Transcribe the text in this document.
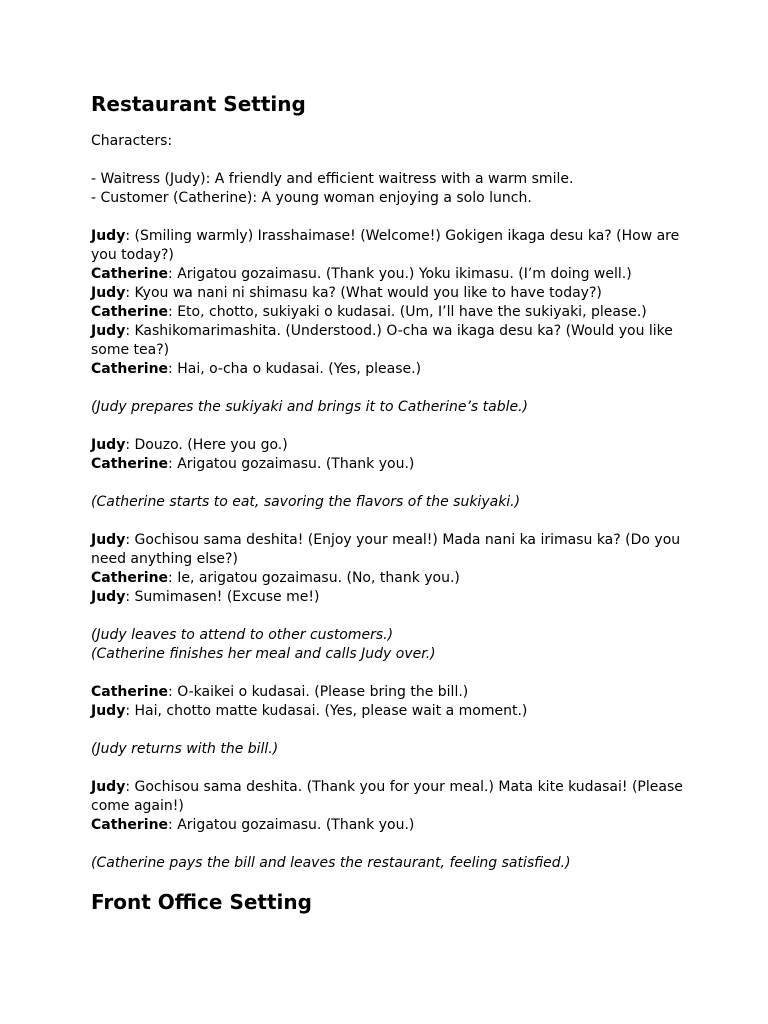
Restaurant Setting

Characters:

- Waitress (Judy): A friendly and efficient waitress with a warm smile.

- Customer (Catherine): A young woman enjoying a solo lunch.

Judy: (Smiling warmly) Irasshaimase! (Welcome!) Gokigen ikaga desu ka? (How are you today?)

Catherine: Arigatou gozaimasu. (Thank you.) Yoku ikimasu. (I’m doing well.)

Judy: Kyou wa nani ni shimasu ka? (What would you like to have today?)

Catherine: Eto, chotto, sukiyaki o kudasai. (Um, I’ll have the sukiyaki, please.)

Judy: Kashikomarimashita. (Understood.) O-cha wa ikaga desu ka? (Would you like some tea?)

Catherine: Hai, o-cha o kudasai. (Yes, please.)

(Judy prepares the sukiyaki and brings it to Catherine’s table.)

Judy: Douzo. (Here you go.)

Catherine: Arigatou gozaimasu. (Thank you.)

(Catherine starts to eat, savoring the flavors of the sukiyaki.)

Judy: Gochisou sama deshita! (Enjoy your meal!) Mada nani ka irimasu ka? (Do you need anything else?)

Catherine: Ie, arigatou gozaimasu. (No, thank you.)

Judy: Sumimasen! (Excuse me!)

(Judy leaves to attend to other customers.)

(Catherine finishes her meal and calls Judy over.)

Catherine: O-kaikei o kudasai. (Please bring the bill.)

Judy: Hai, chotto matte kudasai. (Yes, please wait a moment.)

(Judy returns with the bill.)

Judy: Gochisou sama deshita. (Thank you for your meal.) Mata kite kudasai! (Please come again!)

Catherine: Arigatou gozaimasu. (Thank you.)

(Catherine pays the bill and leaves the restaurant, feeling satisfied.)

Front Office Setting
